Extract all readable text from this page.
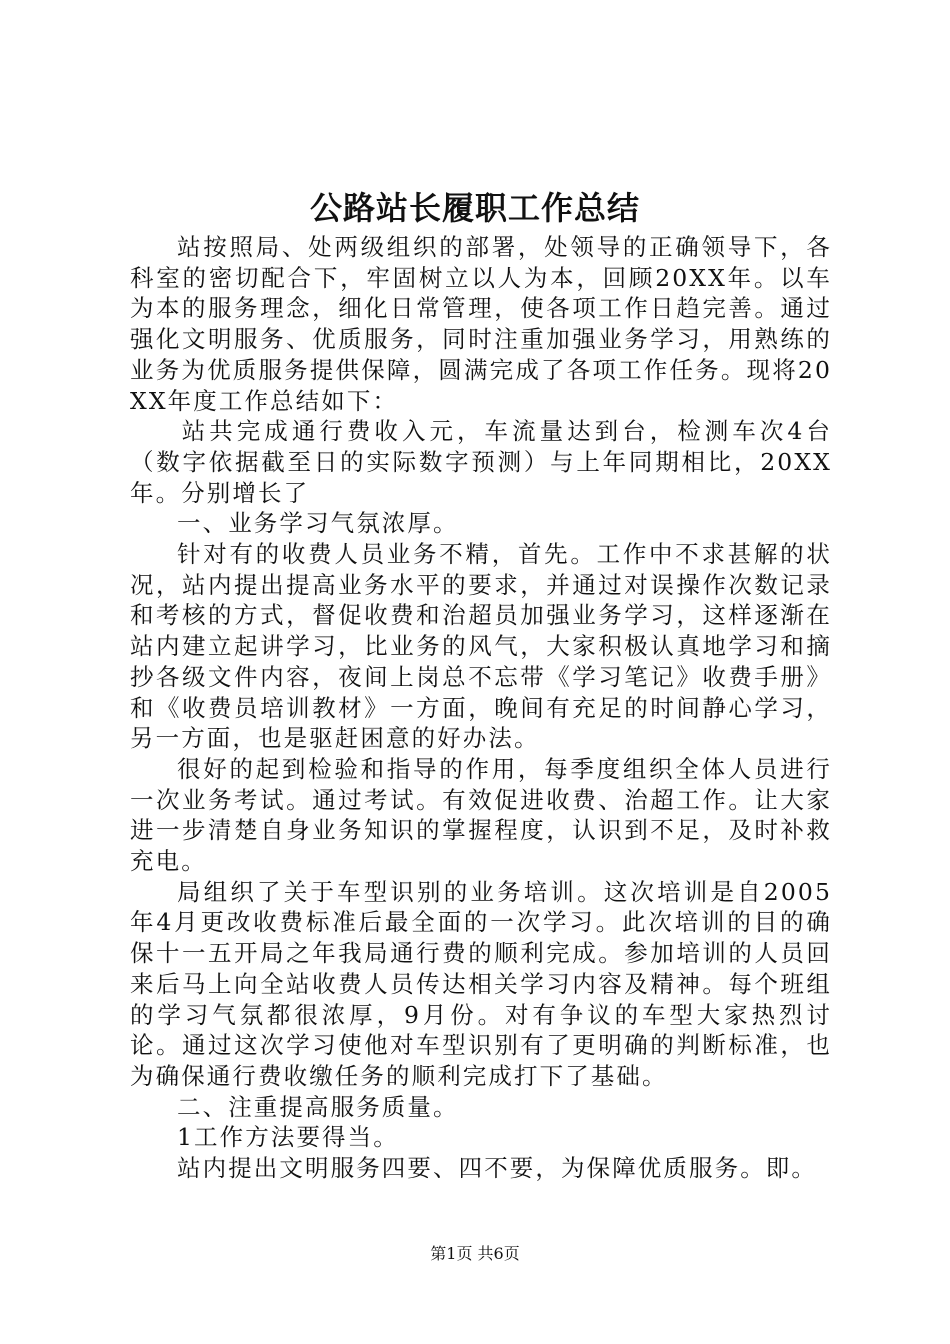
公路站长履职工作总结

站按照局、处两级组织的部署，处领导的正确领导下，各科室的密切配合下，牢固树立以人为本，回顾20XX年。以车为本的服务理念，细化日常管理，使各项工作日趋完善。通过强化文明服务、优质服务，同时注重加强业务学习，用熟练的业务为优质服务提供保障，圆满完成了各项工作任务。现将20XX年度工作总结如下：

站共完成通行费收入元，车流量达到台，检测车次4台（数字依据截至日的实际数字预测）与上年同期相比，20XX年。分别增长了

一、业务学习气氛浓厚。

针对有的收费人员业务不精，首先。工作中不求甚解的状况，站内提出提高业务水平的要求，并通过对误操作次数记录和考核的方式，督促收费和治超员加强业务学习，这样逐渐在站内建立起讲学习，比业务的风气，大家积极认真地学习和摘抄各级文件内容，夜间上岗总不忘带《学习笔记》收费手册》和《收费员培训教材》一方面，晚间有充足的时间静心学习，另一方面，也是驱赶困意的好办法。

很好的起到检验和指导的作用，每季度组织全体人员进行一次业务考试。通过考试。有效促进收费、治超工作。让大家进一步清楚自身业务知识的掌握程度，认识到不足，及时补救充电。

局组织了关于车型识别的业务培训。这次培训是自2005年4月更改收费标准后最全面的一次学习。此次培训的目的确保十一五开局之年我局通行费的顺利完成。参加培训的人员回来后马上向全站收费人员传达相关学习内容及精神。每个班组的学习气氛都很浓厚，9月份。对有争议的车型大家热烈讨论。通过这次学习使他对车型识别有了更明确的判断标准，也为确保通行费收缴任务的顺利完成打下了基础。

二、注重提高服务质量。

1工作方法要得当。

站内提出文明服务四要、四不要，为保障优质服务。即。

第1页 共6页
